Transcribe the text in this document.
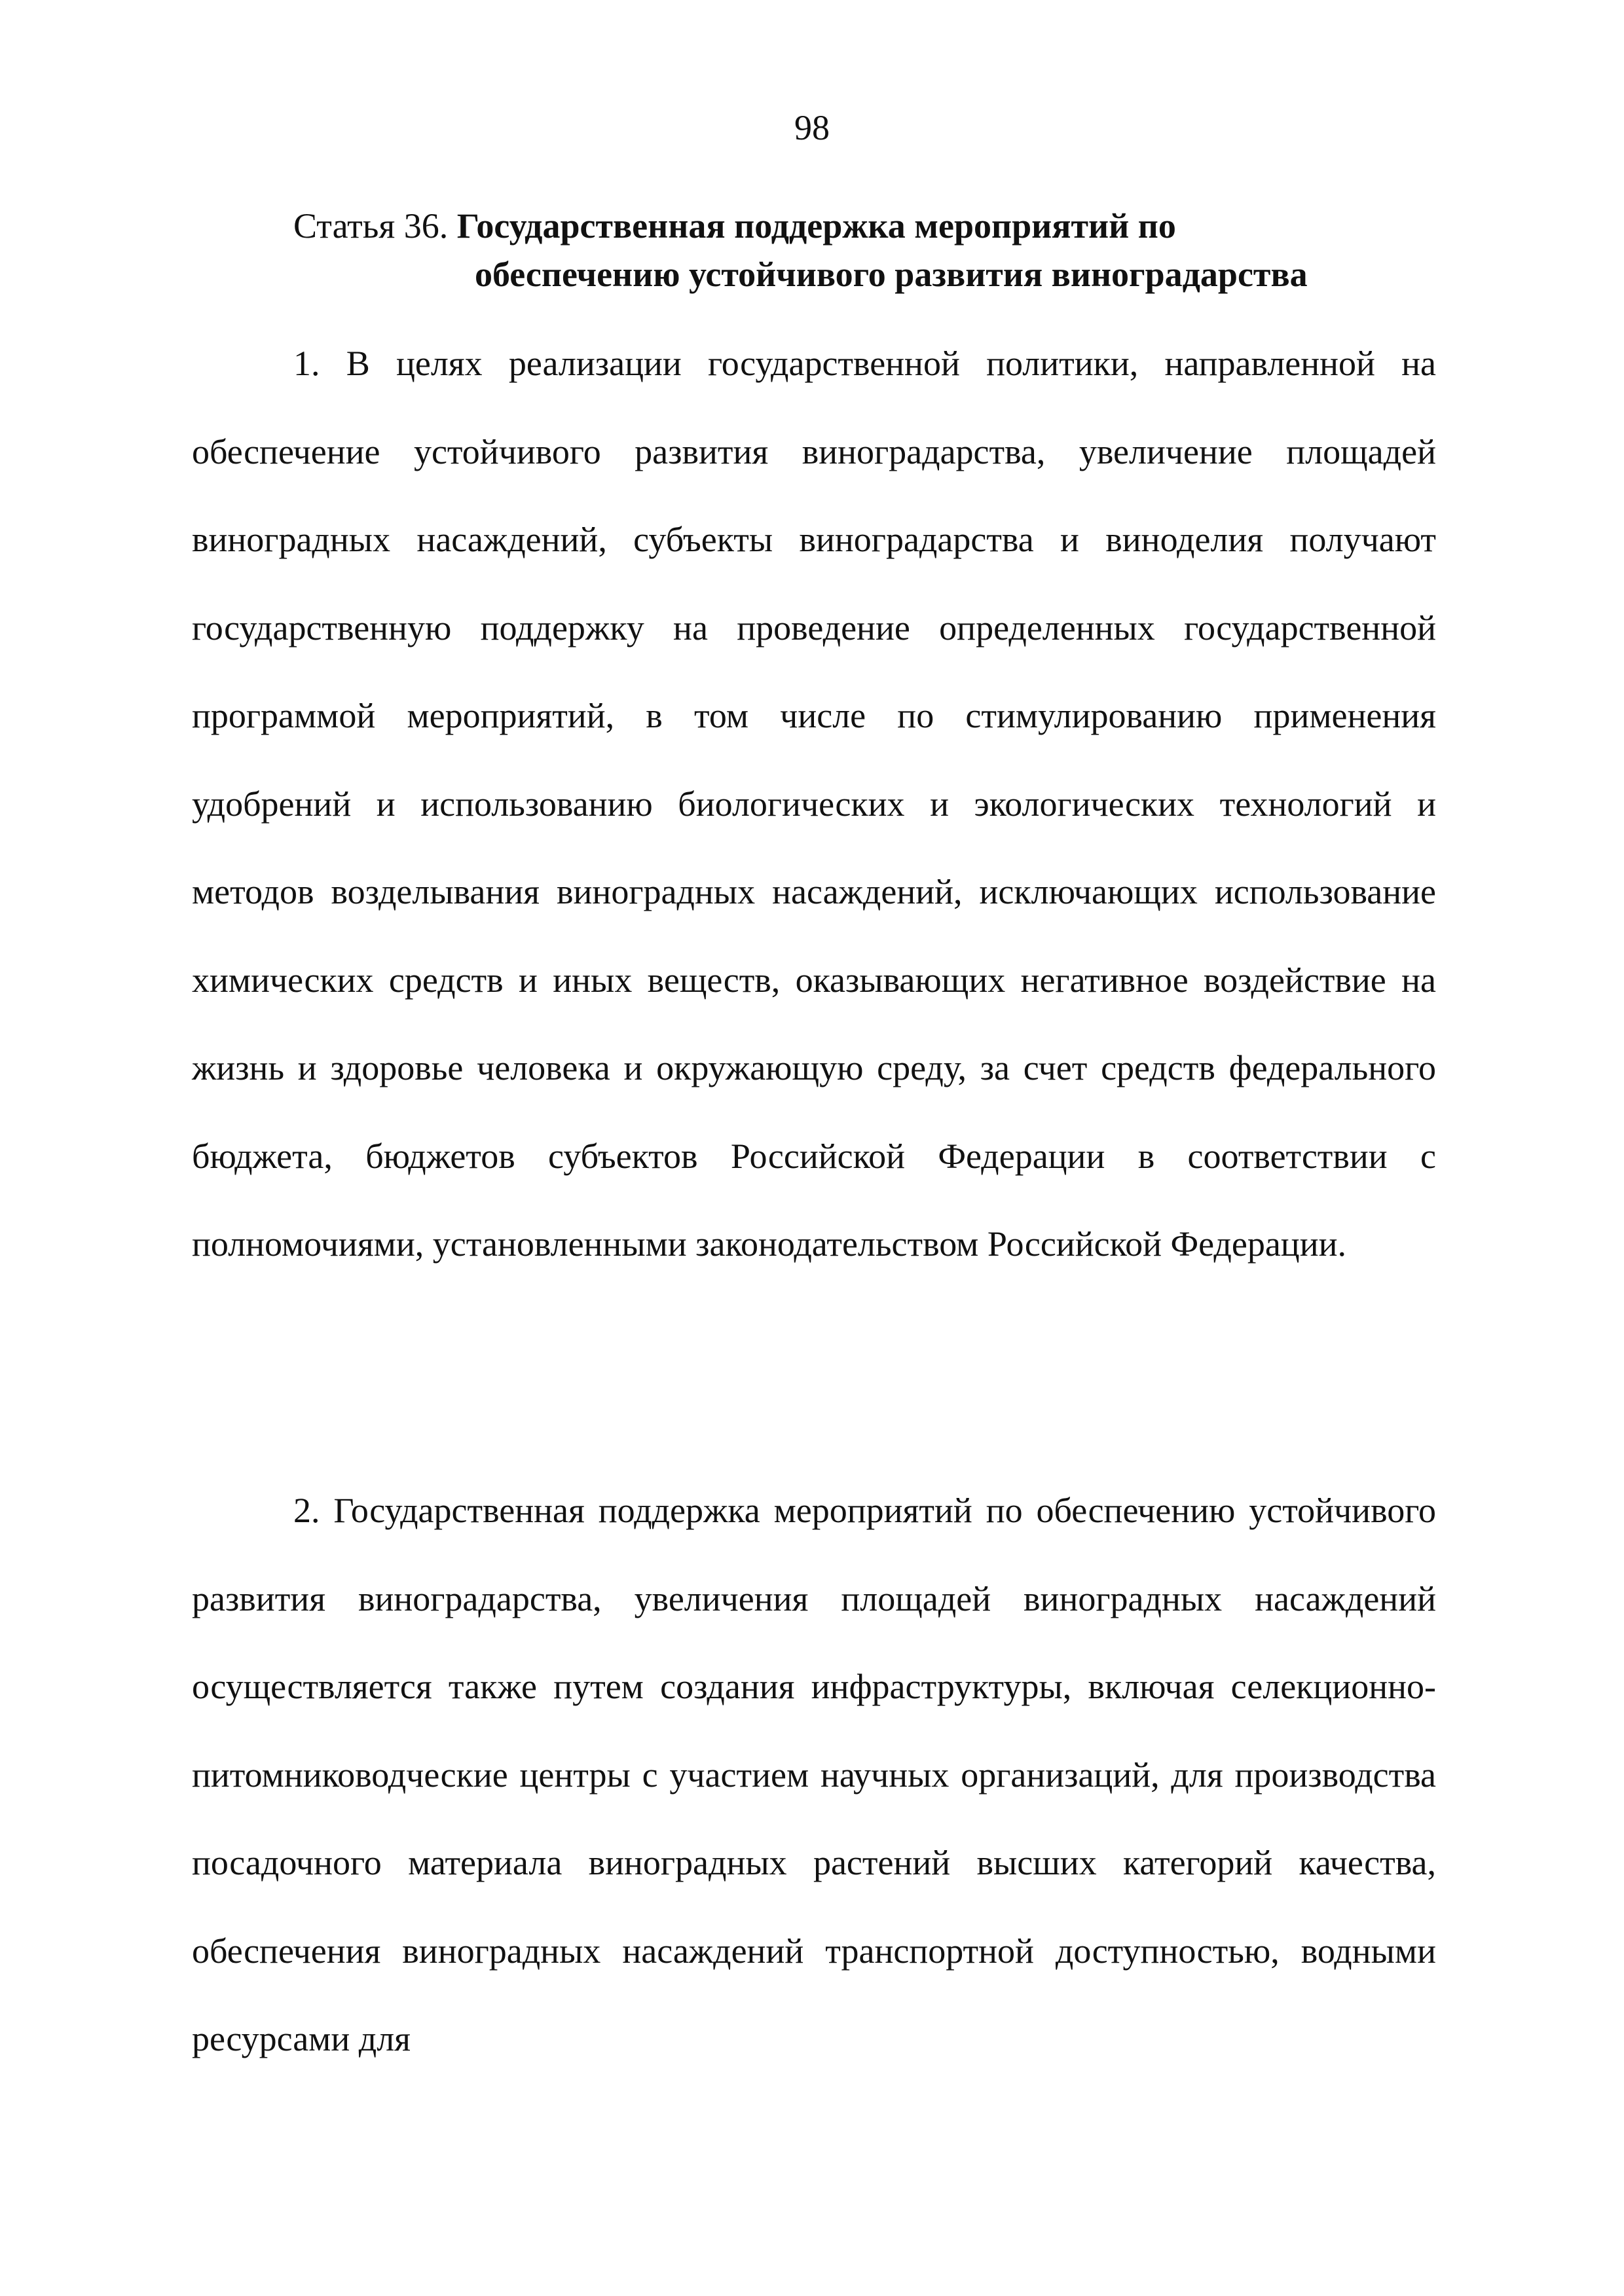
98
Статья 36. Государственная поддержка мероприятий по
обеспечению устойчивого развития виноградарства

1. В целях реализации государственной политики, направленной на обеспечение устойчивого развития виноградарства, увеличение площадей виноградных насаждений, субъекты виноградарства и виноделия получают государственную поддержку на проведение определенных государственной программой мероприятий, в том числе по стимулированию применения удобрений и использованию биологических и экологических технологий и методов возделывания виноградных насаждений, исключающих использование химических средств и иных веществ, оказывающих негативное воздействие на жизнь и здоровье человека и окружающую среду, за счет средств федерального бюджета, бюджетов субъектов Российской Федерации в соответствии с полномочиями, установленными законодательством Российской Федерации.

2. Государственная поддержка мероприятий по обеспечению устойчивого развития виноградарства, увеличения площадей виноградных насаждений осуществляется также путем создания инфраструктуры, включая селекционно-питомниководческие центры с участием научных организаций, для производства посадочного материала виноградных растений высших категорий качества, обеспечения виноградных насаждений транспортной доступностью, водными ресурсами для
